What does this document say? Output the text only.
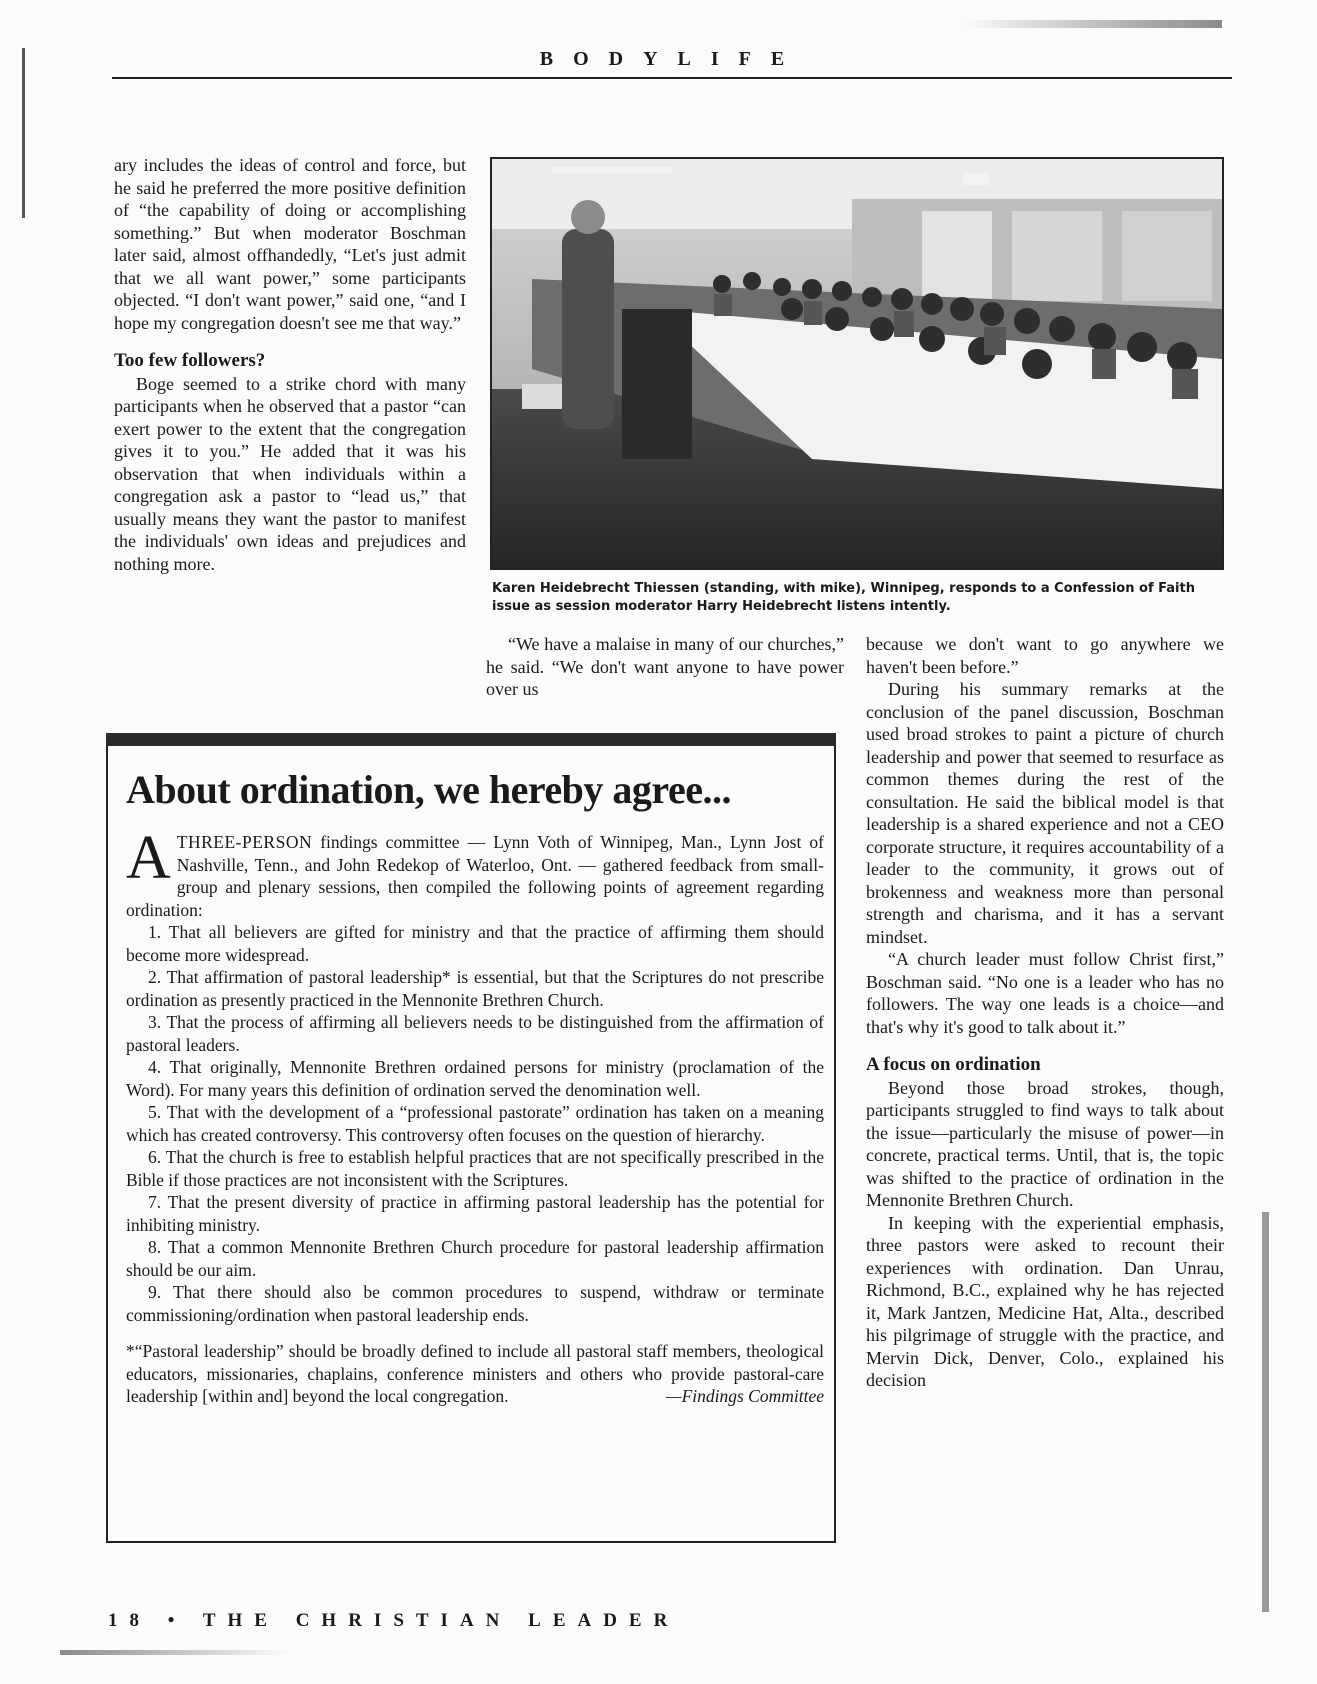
BODYLIFE

ary includes the ideas of control and force, but he said he preferred the more positive definition of “the capability of doing or accomplishing something.” But when moderator Boschman later said, almost offhandedly, “Let's just admit that we all want power,” some participants objected. “I don't want power,” said one, “and I hope my congregation doesn't see me that way.”

Too few followers?

Boge seemed to a strike chord with many participants when he observed that a pastor “can exert power to the extent that the congregation gives it to you.” He added that it was his observation that when individuals within a congregation ask a pastor to “lead us,” that usually means they want the pastor to manifest the individuals' own ideas and prejudices and nothing more.

Karen Heidebrecht Thiessen (standing, with mike), Winnipeg, responds to a Confession of Faith issue as session moderator Harry Heidebrecht listens intently.

“We have a malaise in many of our churches,” he said. “We don't want anyone to have power over us

because we don't want to go anywhere we haven't been before.”

During his summary remarks at the conclusion of the panel discussion, Boschman used broad strokes to paint a picture of church leadership and power that seemed to resurface as common themes during the rest of the consultation. He said the biblical model is that leadership is a shared experience and not a CEO corporate structure, it requires accountability of a leader to the community, it grows out of brokenness and weakness more than personal strength and charisma, and it has a servant mindset.

“A church leader must follow Christ first,” Boschman said. “No one is a leader who has no followers. The way one leads is a choice—and that's why it's good to talk about it.”

A focus on ordination

Beyond those broad strokes, though, participants struggled to find ways to talk about the issue—particularly the misuse of power—in concrete, practical terms. Until, that is, the topic was shifted to the practice of ordination in the Mennonite Brethren Church.

In keeping with the experiential emphasis, three pastors were asked to recount their experiences with ordination. Dan Unrau, Richmond, B.C., explained why he has rejected it, Mark Jantzen, Medicine Hat, Alta., described his pilgrimage of struggle with the practice, and Mervin Dick, Denver, Colo., explained his decision

About ordination, we hereby agree...

ATHREE-PERSON findings committee — Lynn Voth of Winnipeg, Man., Lynn Jost of Nashville, Tenn., and John Redekop of Waterloo, Ont. — gathered feedback from small-group and plenary sessions, then compiled the following points of agreement regarding ordination:

1. That all believers are gifted for ministry and that the practice of affirming them should become more widespread.

2. That affirmation of pastoral leadership* is essential, but that the Scriptures do not prescribe ordination as presently practiced in the Mennonite Brethren Church.

3. That the process of affirming all believers needs to be distinguished from the affirmation of pastoral leaders.

4. That originally, Mennonite Brethren ordained persons for ministry (proclamation of the Word). For many years this definition of ordination served the denomination well.

5. That with the development of a “professional pastorate” ordination has taken on a meaning which has created controversy. This controversy often focuses on the question of hierarchy.

6. That the church is free to establish helpful practices that are not specifically prescribed in the Bible if those practices are not inconsistent with the Scriptures.

7. That the present diversity of practice in affirming pastoral leadership has the potential for inhibiting ministry.

8. That a common Mennonite Brethren Church procedure for pastoral leadership affirmation should be our aim.

9. That there should also be common procedures to suspend, withdraw or terminate commissioning/ordination when pastoral leadership ends.

*“Pastoral leadership” should be broadly defined to include all pastoral staff members, theological educators, missionaries, chaplains, conference ministers and others who provide pastoral-care leadership [within and] beyond the local congregation.	—Findings Committee

18 • THE CHRISTIAN LEADER
